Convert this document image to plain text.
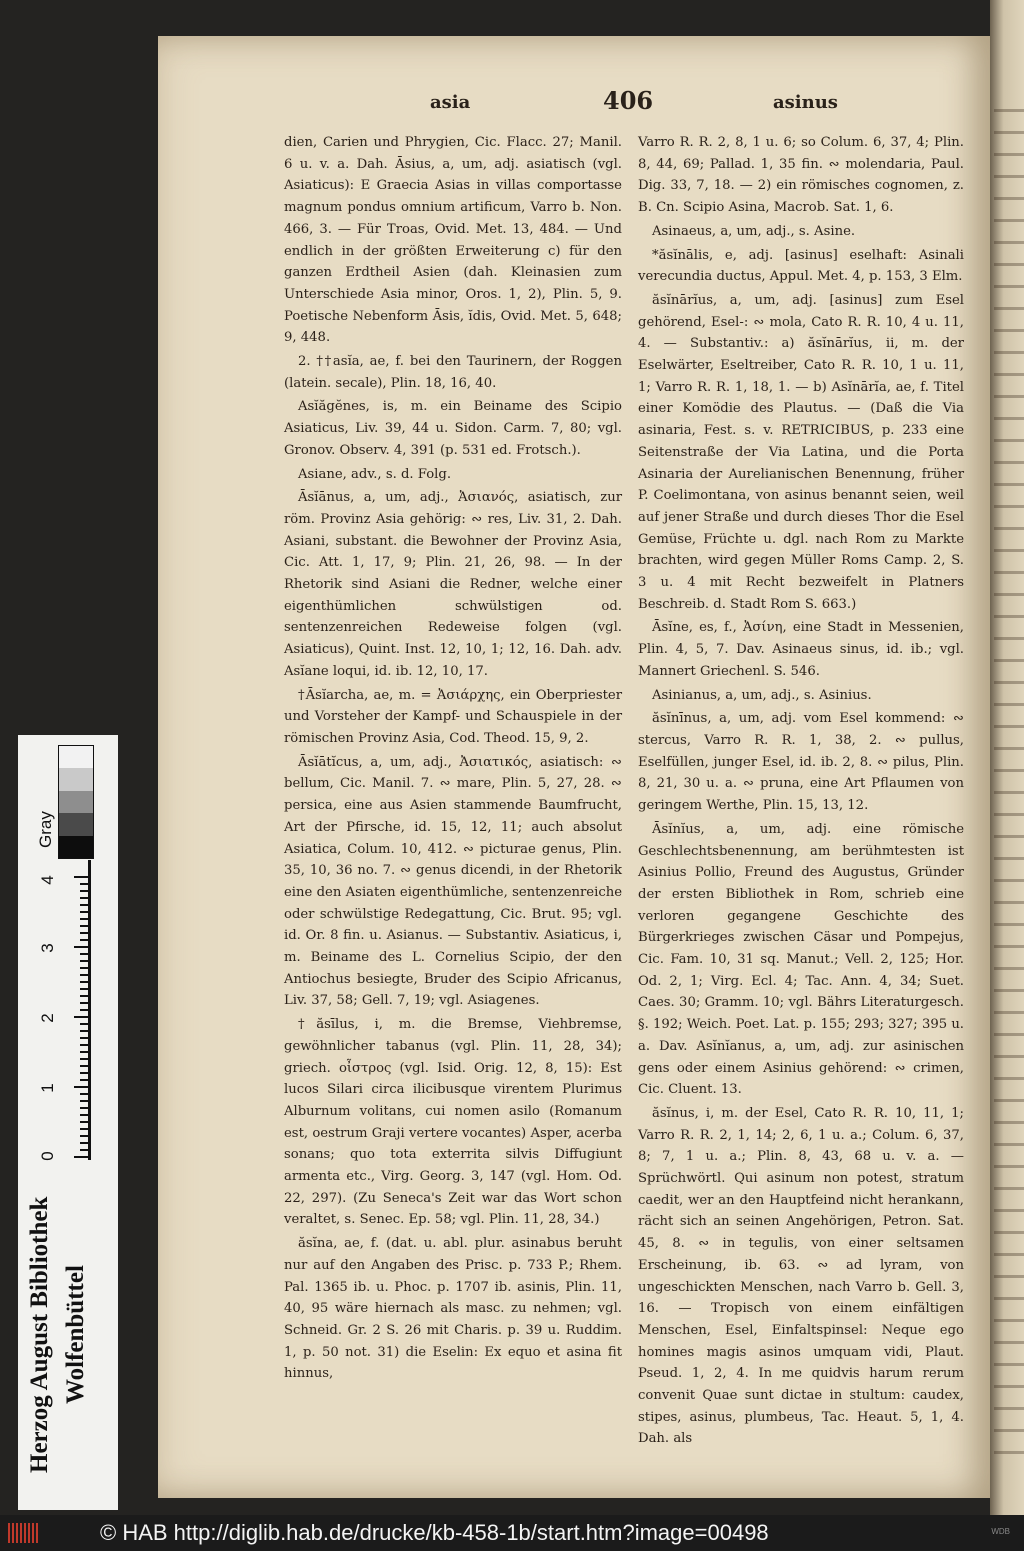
asia	406	asinus

dien, Carien und Phrygien, Cic. Flacc. 27; Manil. 6 u. v. a. Dah. Āsius, a, um, adj. asiatisch (vgl. Asiaticus): E Graecia Asias in villas comportasse magnum pondus omnium artificum, Varro b. Non. 466, 3. — Für Troas, Ovid. Met. 13, 484. — Und endlich in der größten Erweiterung c) für den ganzen Erdtheil Asien (dah. Kleinasien zum Unterschiede Asia minor, Oros. 1, 2), Plin. 5, 9. Poetische Nebenform Āsis, ĭdis, Ovid. Met. 5, 648; 9, 448.

2. ††asĭa, ae, f. bei den Taurinern, der Roggen (latein. secale), Plin. 18, 16, 40.

Asĭăgĕnes, is, m. ein Beiname des Scipio Asiaticus, Liv. 39, 44 u. Sidon. Carm. 7, 80; vgl. Gronov. Observ. 4, 391 (p. 531 ed. Frotsch.).

Asiane, adv., s. d. Folg.

Āsĭānus, a, um, adj., Ἀσιανός, asiatisch, zur röm. Provinz Asia gehörig: ∾ res, Liv. 31, 2. Dah. Asiani, substant. die Bewohner der Provinz Asia, Cic. Att. 1, 17, 9; Plin. 21, 26, 98. — In der Rhetorik sind Asiani die Redner, welche einer eigenthümlichen schwülstigen od. sentenzenreichen Redeweise folgen (vgl. Asiaticus), Quint. Inst. 12, 10, 1; 12, 16. Dah. adv. Asĭane loqui, id. ib. 12, 10, 17.

†Āsĭarcha, ae, m. = Ἀσιάρχης, ein Oberpriester und Vorsteher der Kampf- und Schauspiele in der römischen Provinz Asia, Cod. Theod. 15, 9, 2.

Āsĭātĭcus, a, um, adj., Ἀσιατικός, asiatisch: ∾ bellum, Cic. Manil. 7. ∾ mare, Plin. 5, 27, 28. ∾ persica, eine aus Asien stammende Baumfrucht, Art der Pfirsche, id. 15, 12, 11; auch absolut Asiatica, Colum. 10, 412. ∾ picturae genus, Plin. 35, 10, 36 no. 7. ∾ genus dicendi, in der Rhetorik eine den Asiaten eigenthümliche, sentenzenreiche oder schwülstige Redegattung, Cic. Brut. 95; vgl. id. Or. 8 fin. u. Asianus. — Substantiv. Asiaticus, i, m. Beiname des L. Cornelius Scipio, der den Antiochus besiegte, Bruder des Scipio Africanus, Liv. 37, 58; Gell. 7, 19; vgl. Asiagenes.

†ăsīlus, i, m. die Bremse, Viehbremse, gewöhnlicher tabanus (vgl. Plin. 11, 28, 34); griech. οἶστρος (vgl. Isid. Orig. 12, 8, 15): Est lucos Silari circa ilicibusque virentem Plurimus Alburnum volitans, cui nomen asilo (Romanum est, oestrum Graji vertere vocantes) Asper, acerba sonans; quo tota exterrita silvis Diffugiunt armenta etc., Virg. Georg. 3, 147 (vgl. Hom. Od. 22, 297). (Zu Seneca's Zeit war das Wort schon veraltet, s. Senec. Ep. 58; vgl. Plin. 11, 28, 34.)

ăsĭna, ae, f. (dat. u. abl. plur. asinabus beruht nur auf den Angaben des Prisc. p. 733 P.; Rhem. Pal. 1365 ib. u. Phoc. p. 1707 ib. asinis, Plin. 11, 40, 95 wäre hiernach als masc. zu nehmen; vgl. Schneid. Gr. 2 S. 26 mit Charis. p. 39 u. Ruddim. 1, p. 50 not. 31) die Eselin: Ex equo et asina fit hinnus,

Varro R. R. 2, 8, 1 u. 6; so Colum. 6, 37, 4; Plin. 8, 44, 69; Pallad. 1, 35 fin. ∾ molendaria, Paul. Dig. 33, 7, 18. — 2) ein römisches cognomen, z. B. Cn. Scipio Asina, Macrob. Sat. 1, 6.

Asinaeus, a, um, adj., s. Asine.

*ăsĭnālis, e, adj. [asinus] eselhaft: Asinali verecundia ductus, Appul. Met. 4, p. 153, 3 Elm.

ăsĭnārĭus, a, um, adj. [asinus] zum Esel gehörend, Esel-: ∾ mola, Cato R. R. 10, 4 u. 11, 4. — Substantiv.: a) ăsĭnārĭus, ii, m. der Eselwärter, Eseltreiber, Cato R. R. 10, 1 u. 11, 1; Varro R. R. 1, 18, 1. — b) Asĭnārĭa, ae, f. Titel einer Komödie des Plautus. — (Daß die Via asinaria, Fest. s. v. RETRICIBUS, p. 233 eine Seitenstraße der Via Latina, und die Porta Asinaria der Aurelianischen Benennung, früher P. Coelimontana, von asinus benannt seien, weil auf jener Straße und durch dieses Thor die Esel Gemüse, Früchte u. dgl. nach Rom zu Markte brachten, wird gegen Müller Roms Camp. 2, S. 3 u. 4 mit Recht bezweifelt in Platners Beschreib. d. Stadt Rom S. 663.)

Āsĭne, es, f., Ἀσίνη, eine Stadt in Messenien, Plin. 4, 5, 7. Dav. Asinaeus sinus, id. ib.; vgl. Mannert Griechenl. S. 546.

Asinianus, a, um, adj., s. Asinius.

ăsĭnīnus, a, um, adj. vom Esel kommend: ∾ stercus, Varro R. R. 1, 38, 2. ∾ pullus, Eselfüllen, junger Esel, id. ib. 2, 8. ∾ pilus, Plin. 8, 21, 30 u. a. ∾ pruna, eine Art Pflaumen von geringem Werthe, Plin. 15, 13, 12.

Āsĭnĭus, a, um, adj. eine römische Geschlechtsbenennung, am berühmtesten ist Asinius Pollio, Freund des Augustus, Gründer der ersten Bibliothek in Rom, schrieb eine verloren gegangene Geschichte des Bürgerkrieges zwischen Cäsar und Pompejus, Cic. Fam. 10, 31 sq. Manut.; Vell. 2, 125; Hor. Od. 2, 1; Virg. Ecl. 4; Tac. Ann. 4, 34; Suet. Caes. 30; Gramm. 10; vgl. Bährs Literaturgesch. §. 192; Weich. Poet. Lat. p. 155; 293; 327; 395 u. a. Dav. Asĭnĭanus, a, um, adj. zur asinischen gens oder einem Asinius gehörend: ∾ crimen, Cic. Cluent. 13.

ăsĭnus, i, m. der Esel, Cato R. R. 10, 11, 1; Varro R. R. 2, 1, 14; 2, 6, 1 u. a.; Colum. 6, 37, 8; 7, 1 u. a.; Plin. 8, 43, 68 u. v. a. — Sprüchwörtl. Qui asinum non potest, stratum caedit, wer an den Hauptfeind nicht herankann, rächt sich an seinen Angehörigen, Petron. Sat. 45, 8. ∾ in tegulis, von einer seltsamen Erscheinung, ib. 63. ∾ ad lyram, von ungeschickten Menschen, nach Varro b. Gell. 3, 16. — Tropisch von einem einfältigen Menschen, Esel, Einfaltspinsel: Neque ego homines magis asinos umquam vidi, Plaut. Pseud. 1, 2, 4. In me quidvis harum rerum convenit Quae sunt dictae in stultum: caudex, stipes, asinus, plumbeus, Tac. Heaut. 5, 1, 4. Dah. als

Gray
0
1
2
3
4
Herzog August Bibliothek Wolfenbüttel
© HAB http://diglib.hab.de/drucke/kb-458-1b/start.htm?image=00498	WDB
